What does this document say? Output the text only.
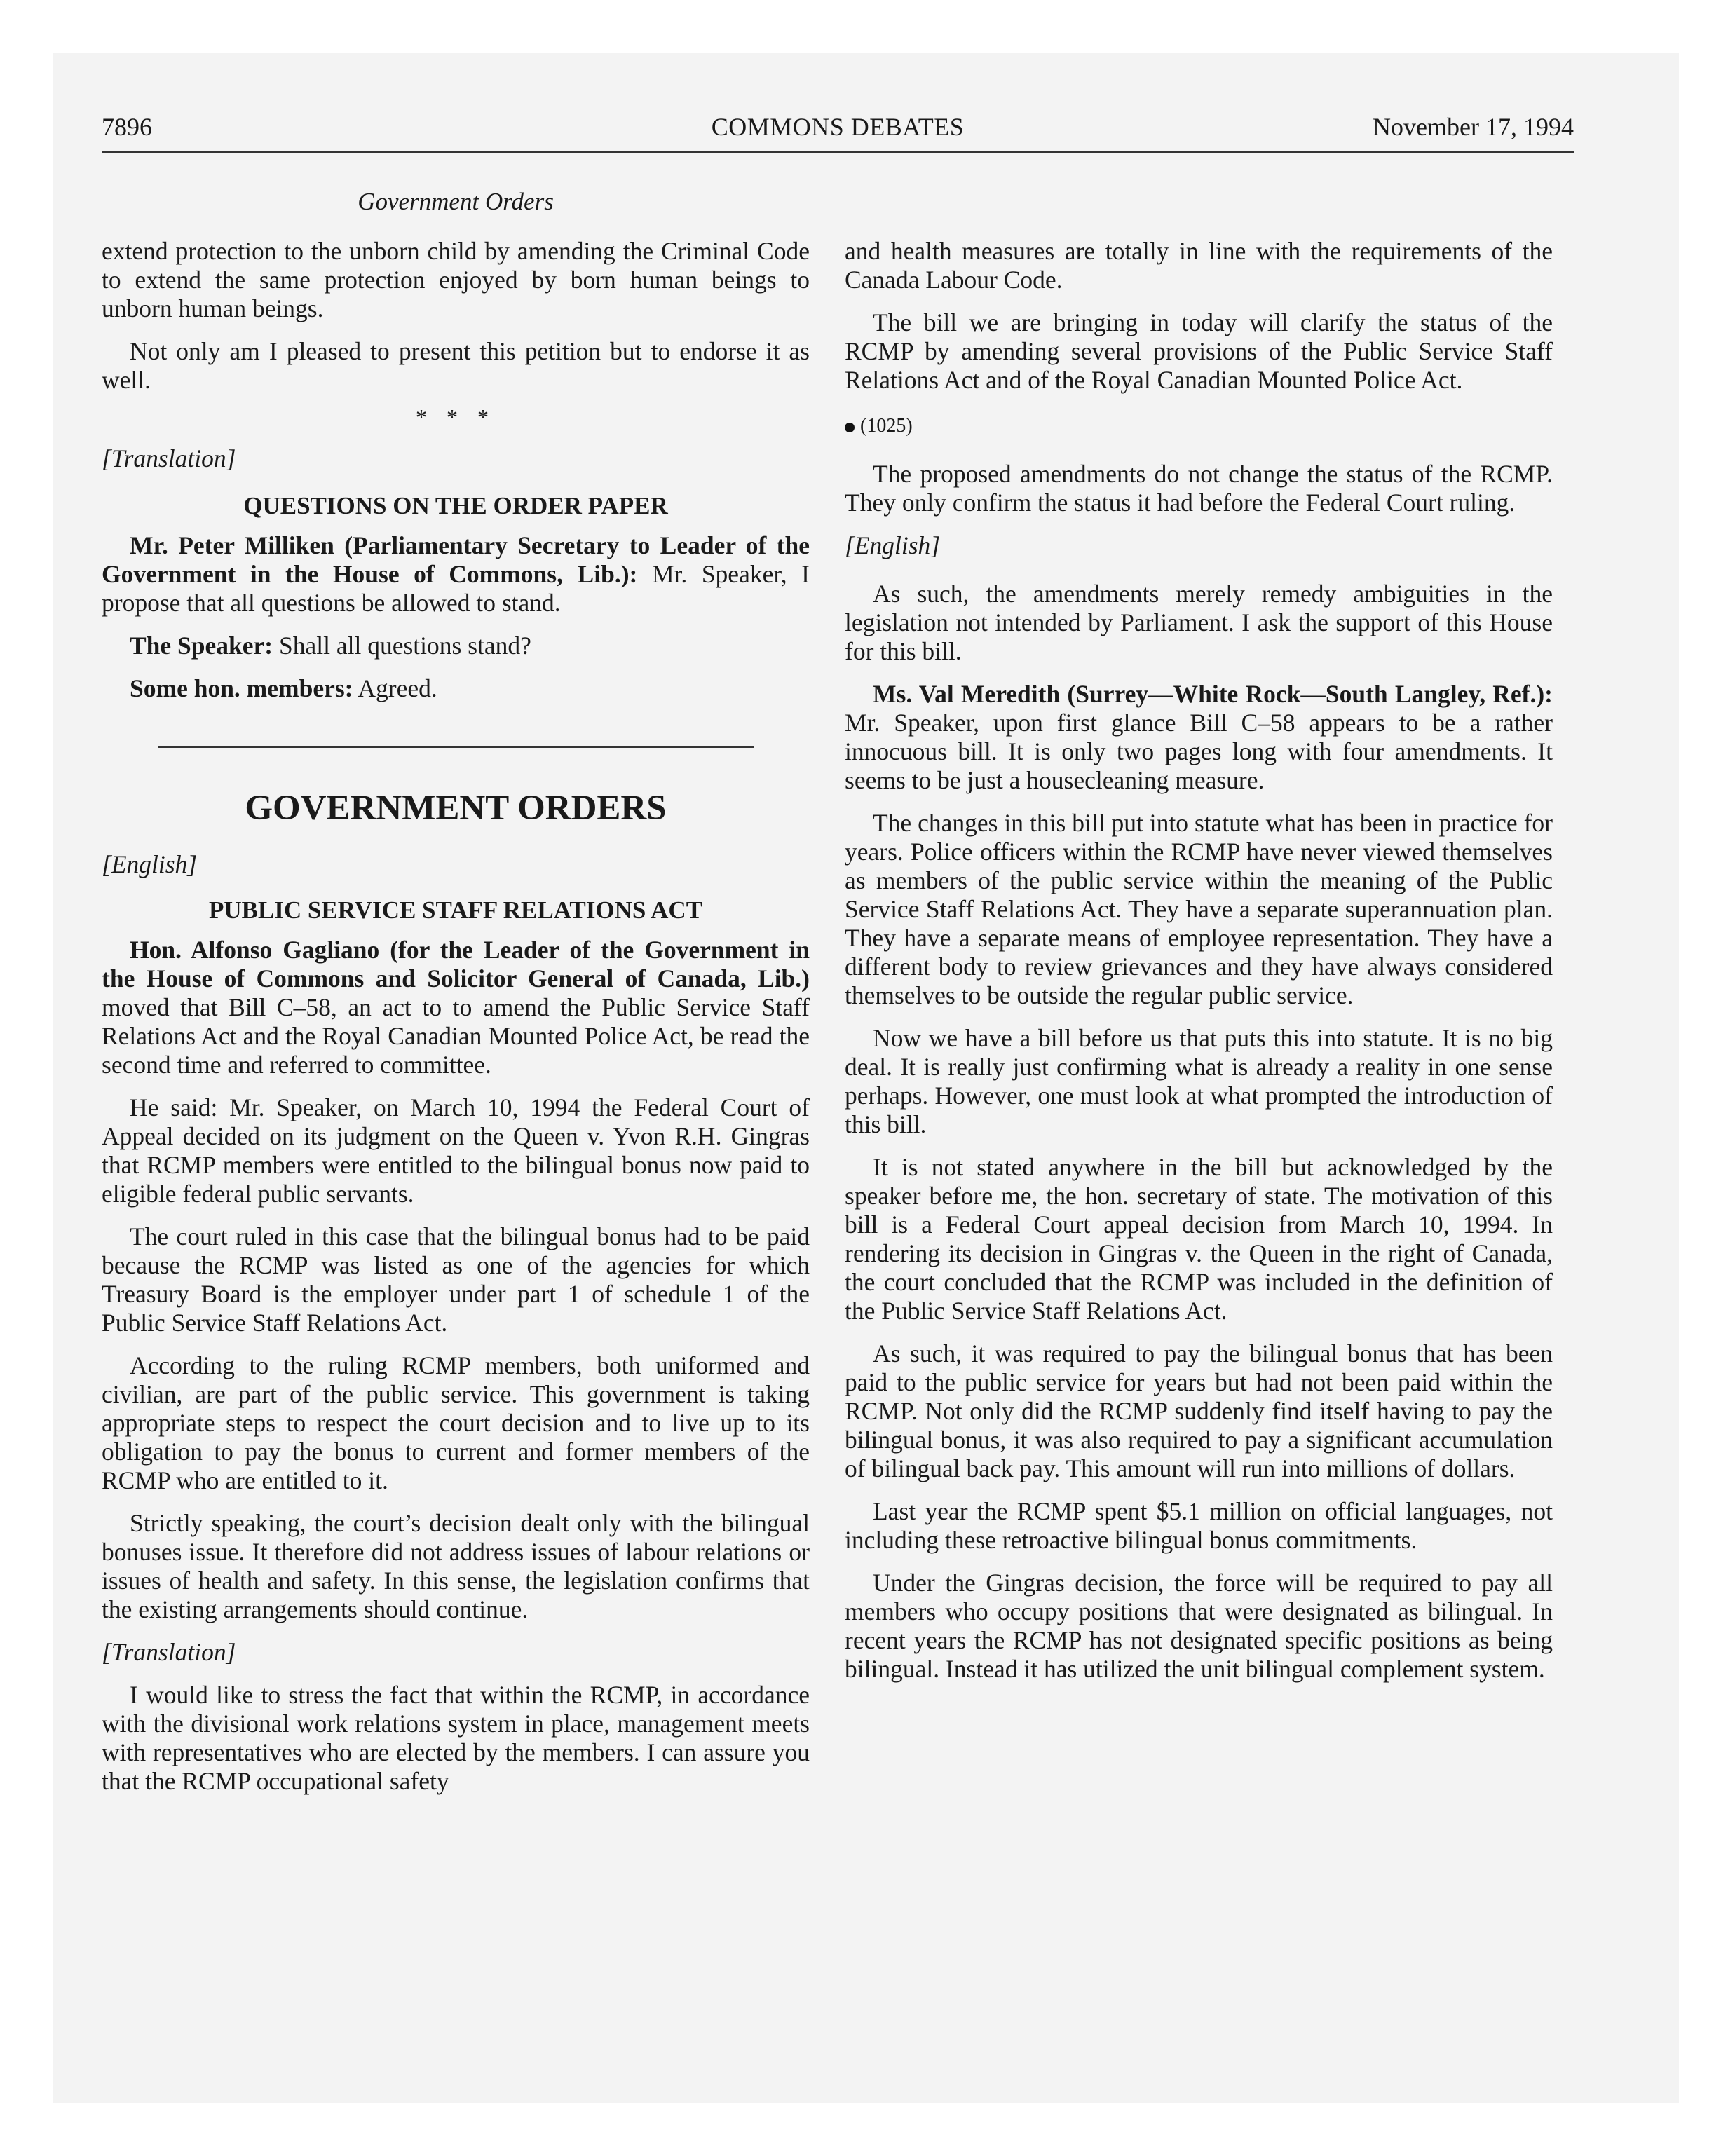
7896	COMMONS DEBATES	November 17, 1994
Government Orders

extend protection to the unborn child by amending the Criminal Code to extend the same protection enjoyed by born human beings to unborn human beings.

Not only am I pleased to present this petition but to endorse it as well.

* * *

[Translation]

QUESTIONS ON THE ORDER PAPER

Mr. Peter Milliken (Parliamentary Secretary to Leader of the Government in the House of Commons, Lib.): Mr. Speaker, I propose that all questions be allowed to stand.

The Speaker: Shall all questions stand?

Some hon. members: Agreed.

GOVERNMENT ORDERS

[English]

PUBLIC SERVICE STAFF RELATIONS ACT

Hon. Alfonso Gagliano (for the Leader of the Government in the House of Commons and Solicitor General of Canada, Lib.) moved that Bill C–58, an act to to amend the Public Service Staff Relations Act and the Royal Canadian Mounted Police Act, be read the second time and referred to committee.

He said: Mr. Speaker, on March 10, 1994 the Federal Court of Appeal decided on its judgment on the Queen v. Yvon R.H. Gingras that RCMP members were entitled to the bilingual bonus now paid to eligible federal public servants.

The court ruled in this case that the bilingual bonus had to be paid because the RCMP was listed as one of the agencies for which Treasury Board is the employer under part 1 of schedule 1 of the Public Service Staff Relations Act.

According to the ruling RCMP members, both uniformed and civilian, are part of the public service. This government is taking appropriate steps to respect the court decision and to live up to its obligation to pay the bonus to current and former members of the RCMP who are entitled to it.

Strictly speaking, the court’s decision dealt only with the bilingual bonuses issue. It therefore did not address issues of labour relations or issues of health and safety. In this sense, the legislation confirms that the existing arrangements should continue.

[Translation]

I would like to stress the fact that within the RCMP, in accordance with the divisional work relations system in place, management meets with representatives who are elected by the members. I can assure you that the RCMP occupational safety

and health measures are totally in line with the requirements of the Canada Labour Code.

The bill we are bringing in today will clarify the status of the RCMP by amending several provisions of the Public Service Staff Relations Act and of the Royal Canadian Mounted Police Act.

(1025)

The proposed amendments do not change the status of the RCMP. They only confirm the status it had before the Federal Court ruling.

[English]

As such, the amendments merely remedy ambiguities in the legislation not intended by Parliament. I ask the support of this House for this bill.

Ms. Val Meredith (Surrey—White Rock—South Langley, Ref.): Mr. Speaker, upon first glance Bill C–58 appears to be a rather innocuous bill. It is only two pages long with four amendments. It seems to be just a housecleaning measure.

The changes in this bill put into statute what has been in practice for years. Police officers within the RCMP have never viewed themselves as members of the public service within the meaning of the Public Service Staff Relations Act. They have a separate superannuation plan. They have a separate means of employee representation. They have a different body to review grievances and they have always considered themselves to be outside the regular public service.

Now we have a bill before us that puts this into statute. It is no big deal. It is really just confirming what is already a reality in one sense perhaps. However, one must look at what prompted the introduction of this bill.

It is not stated anywhere in the bill but acknowledged by the speaker before me, the hon. secretary of state. The motivation of this bill is a Federal Court appeal decision from March 10, 1994. In rendering its decision in Gingras v. the Queen in the right of Canada, the court concluded that the RCMP was included in the definition of the Public Service Staff Relations Act.

As such, it was required to pay the bilingual bonus that has been paid to the public service for years but had not been paid within the RCMP. Not only did the RCMP suddenly find itself having to pay the bilingual bonus, it was also required to pay a significant accumulation of bilingual back pay. This amount will run into millions of dollars.

Last year the RCMP spent $5.1 million on official languages, not including these retroactive bilingual bonus commitments.

Under the Gingras decision, the force will be required to pay all members who occupy positions that were designated as bilingual. In recent years the RCMP has not designated specific positions as being bilingual. Instead it has utilized the unit bilingual complement system.
